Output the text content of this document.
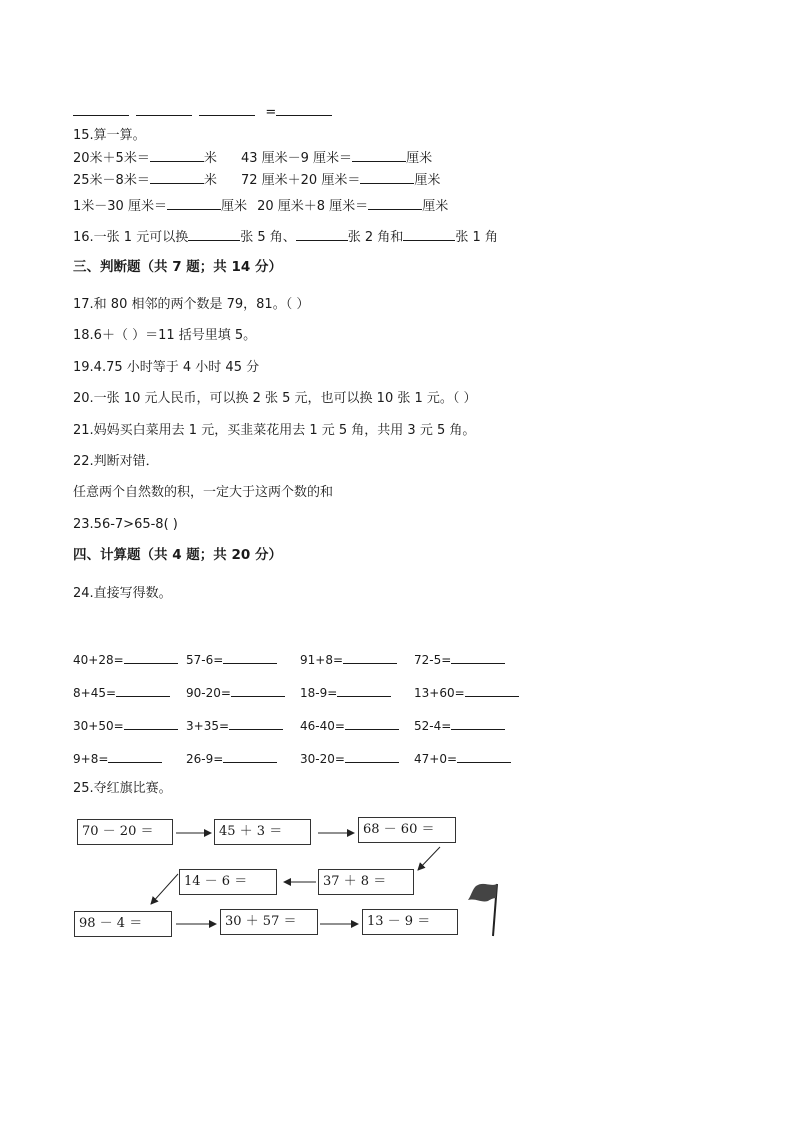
=
15.算一算。
20米＋5米＝	米 43 厘米－9 厘米＝	厘米
25米－8米＝	米 72 厘米＋20 厘米＝	厘米
1米－30 厘米＝	厘米 20 厘米＋8 厘米＝	厘米
16.一张 1 元可以换	张 5 角、	张 2 角和	张 1 角
三、判断题（共 7 题；共 14 分）
17.和 80 相邻的两个数是 79，81。（ ）
18.6＋（ ）＝11 括号里填 5。
19.4.75 小时等于 4 小时 45 分
20.一张 10 元人民币，可以换 2 张 5 元，也可以换 10 张 1 元。（ ）
21.妈妈买白菜用去 1 元，买韭菜花用去 1 元 5 角，共用 3 元 5 角。
22.判断对错．
任意两个自然数的积，一定大于这两个数的和
23.56-7>65-8( )
四、计算题（共 4 题；共 20 分）
24.直接写得数。
40+28=	57-6=	91+8=	72-5=
8+45=	90-20=	18-9=	13+60=
30+50=	3+35=	46-40=	52-4=
9+8=	26-9=	30-20=	47+0=
25.夺红旗比赛。
70 － 20 ＝	45 ＋ 3 ＝	68 － 60 ＝
37 ＋ 8 ＝
14 － 6 ＝
98 － 4 ＝	30 ＋ 57 ＝	13 － 9 ＝
